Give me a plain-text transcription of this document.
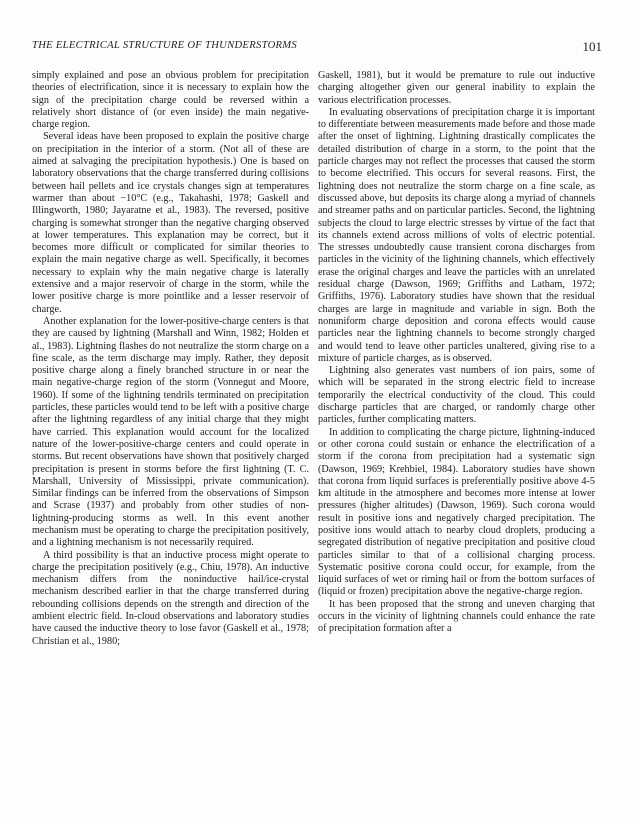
THE ELECTRICAL STRUCTURE OF THUNDERSTORMS	101

simply explained and pose an obvious problem for precipitation theories of electrification, since it is necessary to explain how the sign of the precipitation charge could be reversed within a relatively short distance of (or even inside) the main negative-charge region.

Several ideas have been proposed to explain the positive charge on precipitation in the interior of a storm. (Not all of these are aimed at salvaging the precipitation hypothesis.) One is based on laboratory observations that the charge transferred during collisions between hail pellets and ice crystals changes sign at temperatures warmer than about −10°C (e.g., Takahashi, 1978; Gaskell and Illingworth, 1980; Jayaratne et al., 1983). The reversed, positive charging is somewhat stronger than the negative charging observed at lower temperatures. This explanation may be correct, but it becomes more difficult or complicated for similar theories to explain the main negative charge as well. Specifically, it becomes necessary to explain why the main negative charge is laterally extensive and a major reservoir of charge in the storm, while the lower positive charge is more pointlike and a lesser reservoir of charge.

Another explanation for the lower-positive-charge centers is that they are caused by lightning (Marshall and Winn, 1982; Holden et al., 1983). Lightning flashes do not neutralize the storm charge on a fine scale, as the term discharge may imply. Rather, they deposit positive charge along a finely branched structure in or near the main negative-charge region of the storm (Vonnegut and Moore, 1960). If some of the lightning tendrils terminated on precipitation particles, these particles would tend to be left with a positive charge after the lightning regardless of any initial charge that they might have carried. This explanation would account for the localized nature of the lower-positive-charge centers and could operate in storms. But recent observations have shown that positively charged precipitation is present in storms before the first lightning (T. C. Marshall, University of Mississippi, private communication). Similar findings can be inferred from the observations of Simpson and Scrase (1937) and probably from other studies of non-lightning-producing storms as well. In this event another mechanism must be operating to charge the precipitation positively, and a lightning mechanism is not necessarily required.

A third possibility is that an inductive process might operate to charge the precipitation positively (e.g., Chiu, 1978). An inductive mechanism differs from the noninductive hail/ice-crystal mechanism described earlier in that the charge transferred during rebounding collisions depends on the strength and direction of the ambient electric field. In-cloud observations and laboratory studies have caused the inductive theory to lose favor (Gaskell et al., 1978; Christian et al., 1980;

Gaskell, 1981), but it would be premature to rule out inductive charging altogether given our general inability to explain the various electrification processes.

In evaluating observations of precipitation charge it is important to differentiate between measurements made before and those made after the onset of lightning. Lightning drastically complicates the detailed distribution of charge in a storm, to the point that the particle charges may not reflect the processes that caused the storm to become electrified. This occurs for several reasons. First, the lightning does not neutralize the storm charge on a fine scale, as discussed above, but deposits its charge along a myriad of channels and streamer paths and on particular particles. Second, the lightning subjects the cloud to large electric stresses by virtue of the fact that its channels extend across millions of volts of electric potential. The stresses undoubtedly cause transient corona discharges from particles in the vicinity of the lightning channels, which effectively erase the original charges and leave the particles with an unrelated residual charge (Dawson, 1969; Griffiths and Latham, 1972; Griffiths, 1976). Laboratory studies have shown that the residual charges are large in magnitude and variable in sign. Both the nonuniform charge deposition and corona effects would cause particles near the lightning channels to become strongly charged and would tend to leave other particles unaltered, giving rise to a mixture of particle charges, as is observed.

Lightning also generates vast numbers of ion pairs, some of which will be separated in the strong electric field to increase temporarily the electrical conductivity of the cloud. This could discharge particles that are charged, or randomly charge other particles, further complicating matters.

In addition to complicating the charge picture, lightning-induced or other corona could sustain or enhance the electrification of a storm if the corona from precipitation had a systematic sign (Dawson, 1969; Krehbiel, 1984). Laboratory studies have shown that corona from liquid surfaces is preferentially positive above 4-5 km altitude in the atmosphere and becomes more intense at lower pressures (higher altitudes) (Dawson, 1969). Such corona would result in positive ions and negatively charged precipitation. The positive ions would attach to nearby cloud droplets, producing a segregated distribution of negative precipitation and positive cloud particles similar to that of a collisional charging process. Systematic positive corona could occur, for example, from the liquid surfaces of wet or riming hail or from the bottom surfaces of (liquid or frozen) precipitation above the negative-charge region.

It has been proposed that the strong and uneven charging that occurs in the vicinity of lightning channels could enhance the rate of precipitation formation after a
